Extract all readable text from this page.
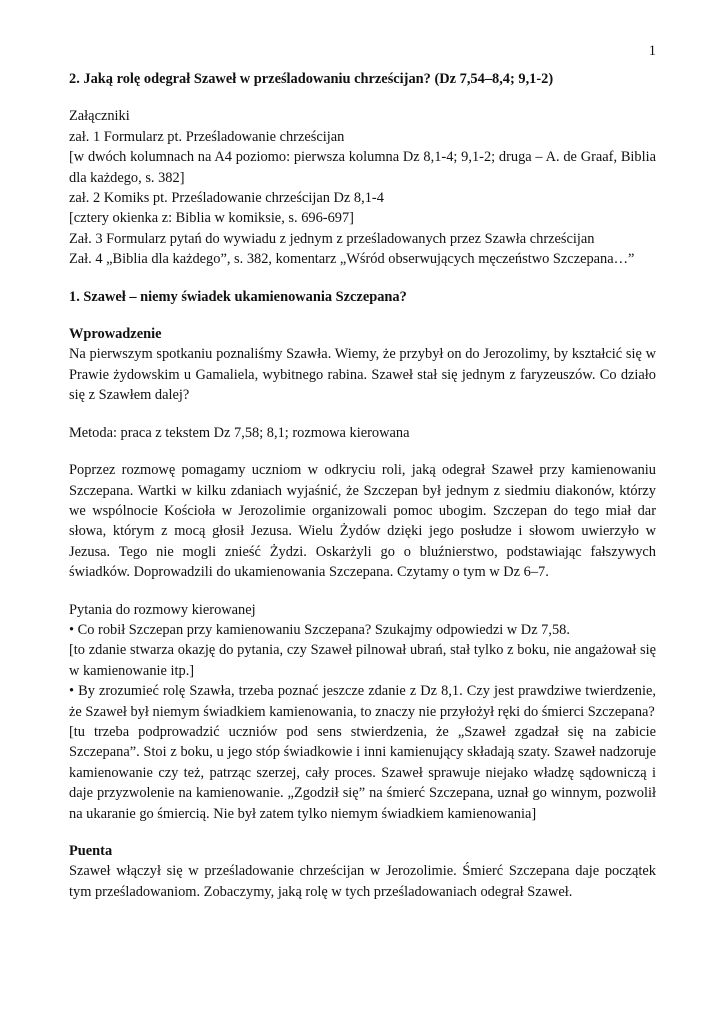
1
2. Jaką rolę odegrał Szaweł w prześladowaniu chrześcijan? (Dz 7,54–8,4; 9,1-2)

Załączniki

zał. 1 Formularz pt. Prześladowanie chrześcijan

[w dwóch kolumnach na A4 poziomo: pierwsza kolumna Dz 8,1-4; 9,1-2; druga – A. de Graaf, Biblia dla każdego, s. 382]

zał. 2 Komiks pt. Prześladowanie chrześcijan Dz 8,1-4

[cztery okienka z: Biblia w komiksie, s. 696-697]

Zał. 3 Formularz pytań do wywiadu z jednym z prześladowanych przez Szawła chrześcijan

Zał. 4 „Biblia dla każdego”, s. 382, komentarz „Wśród obserwujących męczeństwo Szczepana…”

1. Szaweł – niemy świadek ukamienowania Szczepana?

Wprowadzenie

Na pierwszym spotkaniu poznaliśmy Szawła. Wiemy, że przybył on do Jerozolimy, by kształcić się w Prawie żydowskim u Gamaliela, wybitnego rabina. Szaweł stał się jednym z faryzeuszów. Co działo się z Szawłem dalej?

Metoda: praca z tekstem Dz 7,58; 8,1; rozmowa kierowana

Poprzez rozmowę pomagamy uczniom w odkryciu roli, jaką odegrał Szaweł przy kamienowaniu Szczepana. Wartki w kilku zdaniach wyjaśnić, że Szczepan był jednym z siedmiu diakonów, którzy we wspólnocie Kościoła w Jerozolimie organizowali pomoc ubogim. Szczepan do tego miał dar słowa, którym z mocą głosił Jezusa. Wielu Żydów dzięki jego posłudze i słowom uwierzyło w Jezusa. Tego nie mogli znieść Żydzi. Oskarżyli go o bluźnierstwo, podstawiając fałszywych świadków. Doprowadzili do ukamienowania Szczepana. Czytamy o tym w Dz 6–7.

Pytania do rozmowy kierowanej

• Co robił Szczepan przy kamienowaniu Szczepana? Szukajmy odpowiedzi w Dz 7,58.

[to zdanie stwarza okazję do pytania, czy Szaweł pilnował ubrań, stał tylko z boku, nie angażował się w kamienowanie itp.]

• By zrozumieć rolę Szawła, trzeba poznać jeszcze zdanie z Dz 8,1. Czy jest prawdziwe twierdzenie, że Szaweł był niemym świadkiem kamienowania, to znaczy nie przyłożył ręki do śmierci Szczepana?

[tu trzeba podprowadzić uczniów pod sens stwierdzenia, że „Szaweł zgadzał się na zabicie Szczepana”. Stoi z boku, u jego stóp świadkowie i inni kamienujący składają szaty. Szaweł nadzoruje kamienowanie czy też, patrząc szerzej, cały proces. Szaweł sprawuje niejako władzę sądowniczą i daje przyzwolenie na kamienowanie. „Zgodził się” na śmierć Szczepana, uznał go winnym, pozwolił na ukaranie go śmiercią. Nie był zatem tylko niemym świadkiem kamienowania]

Puenta

Szaweł włączył się w prześladowanie chrześcijan w Jerozolimie. Śmierć Szczepana daje początek tym prześladowaniom. Zobaczymy, jaką rolę w tych prześladowaniach odegrał Szaweł.
